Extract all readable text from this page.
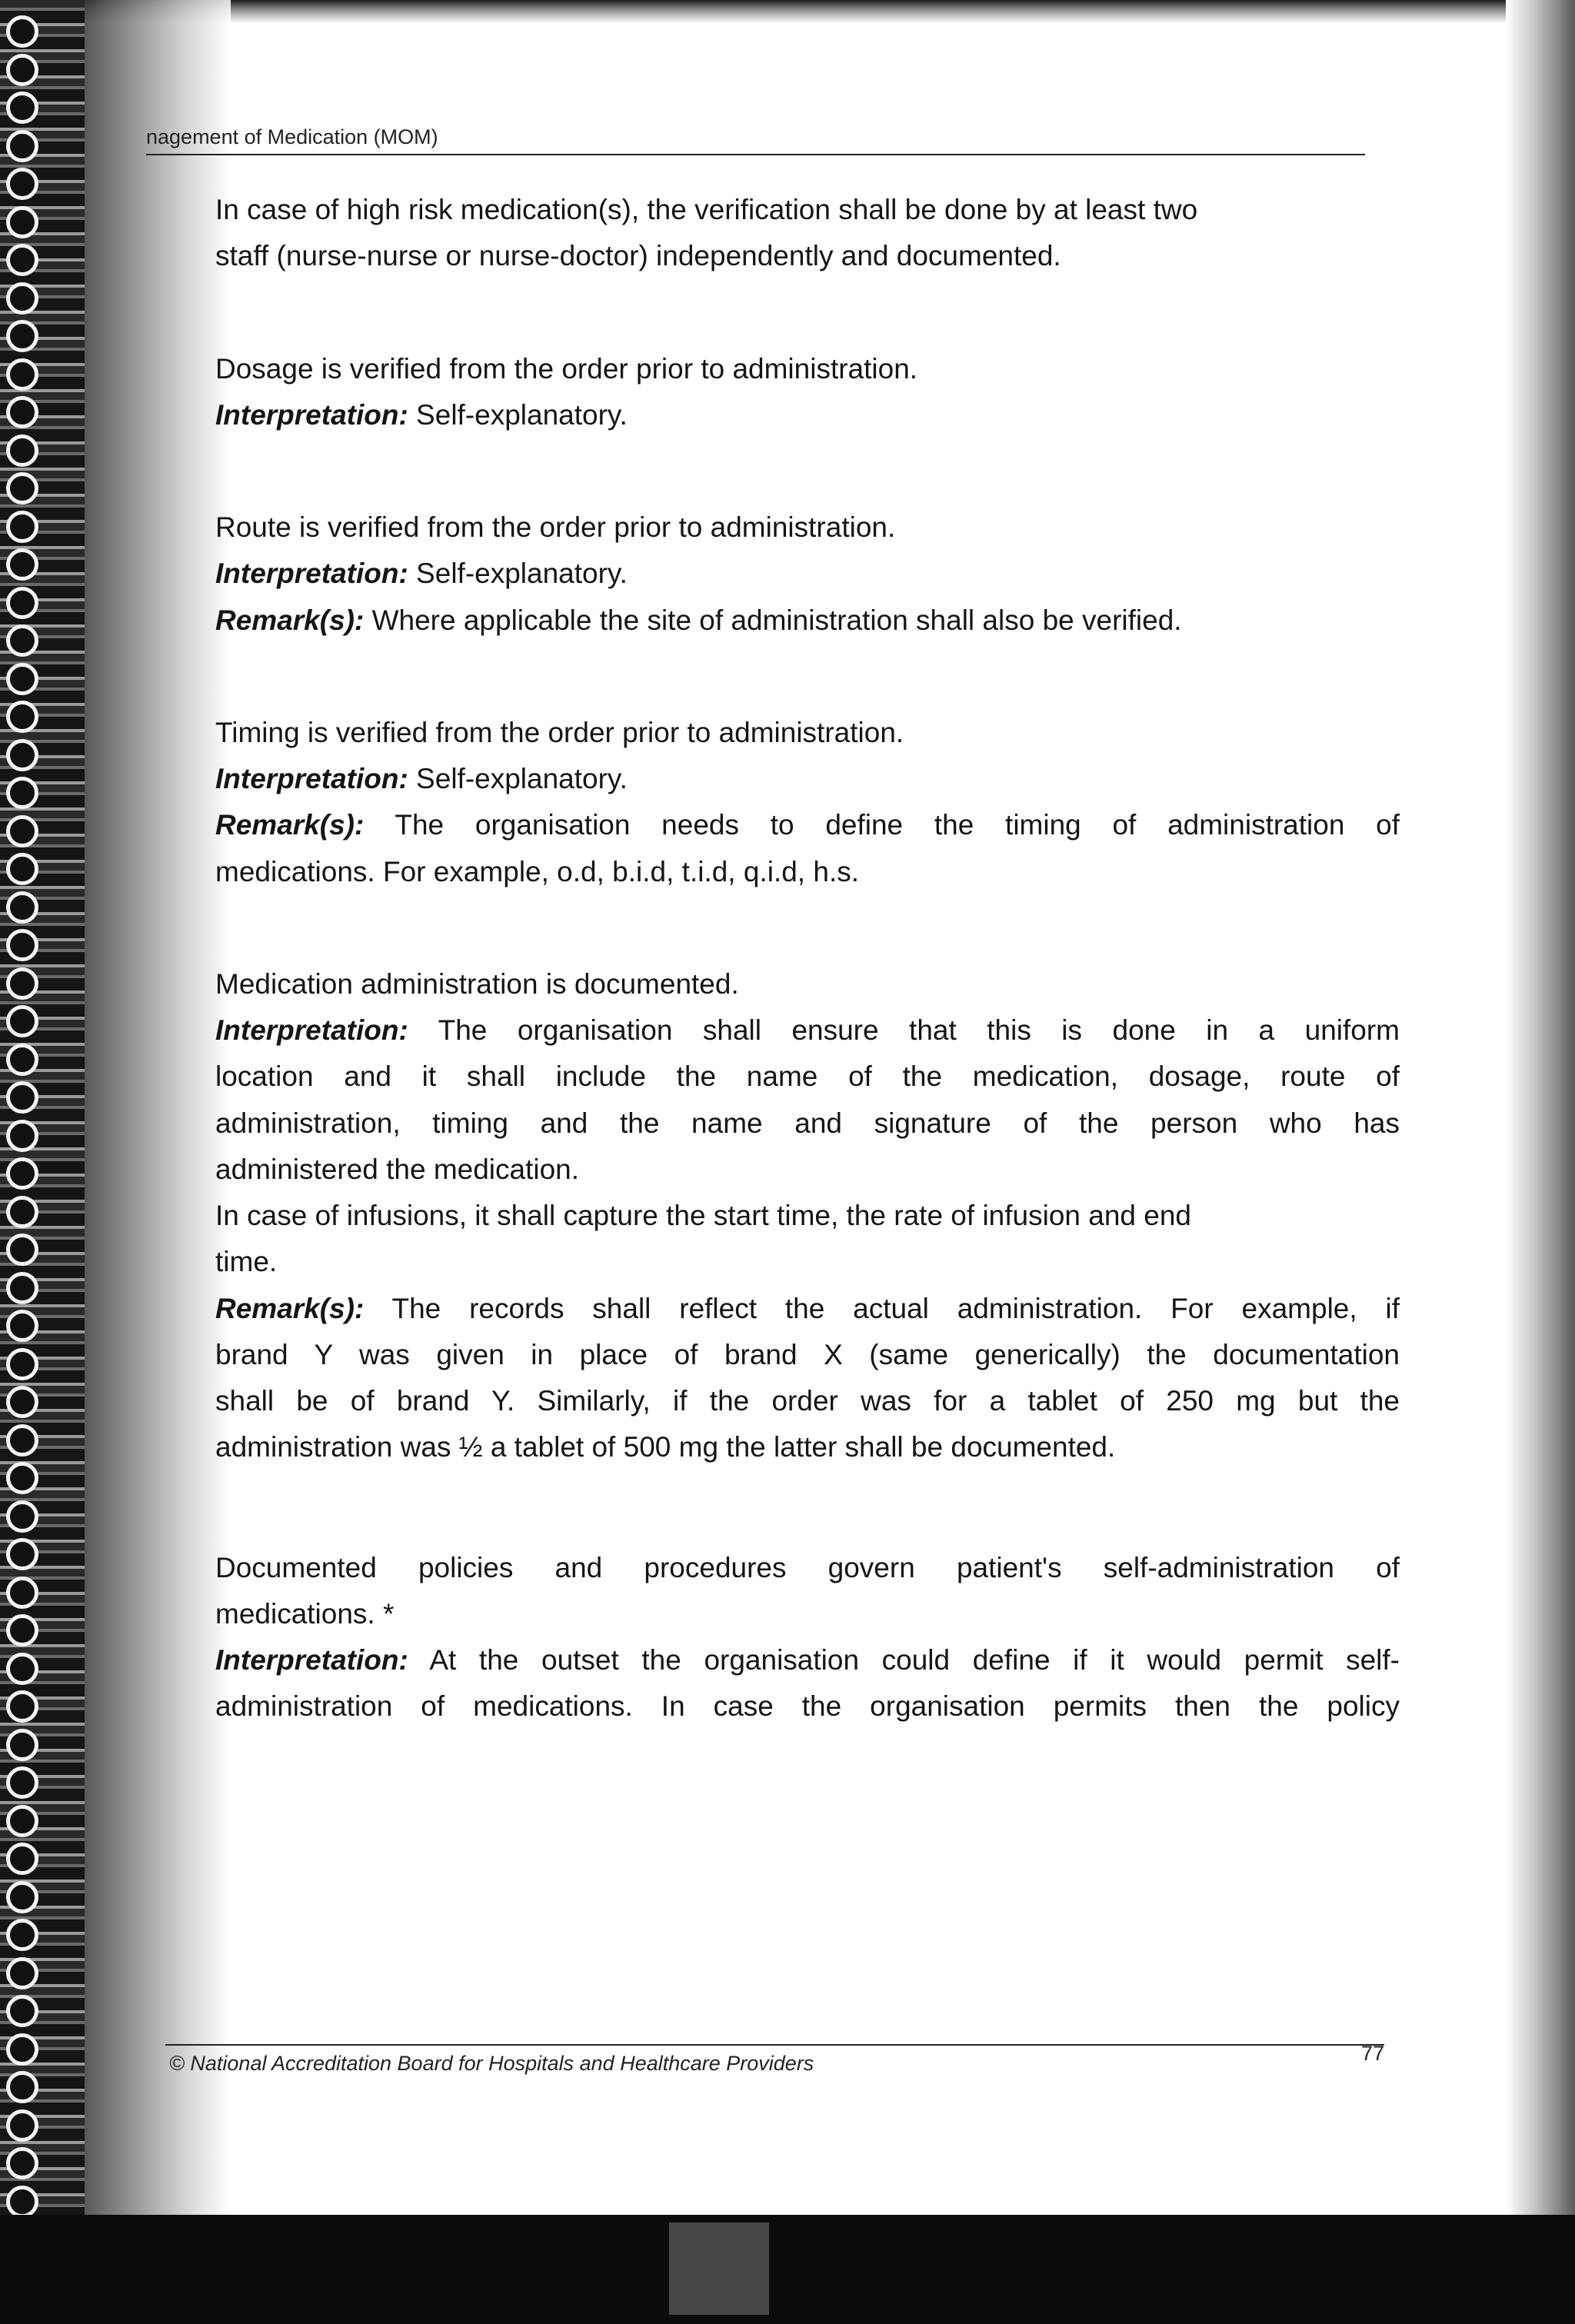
nagement of Medication (MOM)

In case of high risk medication(s), the verification shall be done by at least two

staff (nurse-nurse or nurse-doctor) independently and documented.

Dosage is verified from the order prior to administration.

Interpretation: Self-explanatory.

Route is verified from the order prior to administration.

Interpretation: Self-explanatory.

Remark(s): Where applicable the site of administration shall also be verified.

Timing is verified from the order prior to administration.

Interpretation: Self-explanatory.

Remark(s): The organisation needs to define the timing of administration of

medications. For example, o.d, b.i.d, t.i.d, q.i.d, h.s.

Medication administration is documented.

Interpretation: The organisation shall ensure that this is done in a uniform

location and it shall include the name of the medication, dosage, route of

administration, timing and the name and signature of the person who has

administered the medication.

In case of infusions, it shall capture the start time, the rate of infusion and end

time.

Remark(s): The records shall reflect the actual administration. For example, if

brand Y was given in place of brand X (same generically) the documentation

shall be of brand Y. Similarly, if the order was for a tablet of 250 mg but the

administration was ½ a tablet of 500 mg the latter shall be documented.

Documented policies and procedures govern patient's self-administration of

medications. *

Interpretation: At the outset the organisation could define if it would permit self-

administration of medications. In case the organisation permits then the policy

© National Accreditation Board for Hospitals and Healthcare Providers	77
